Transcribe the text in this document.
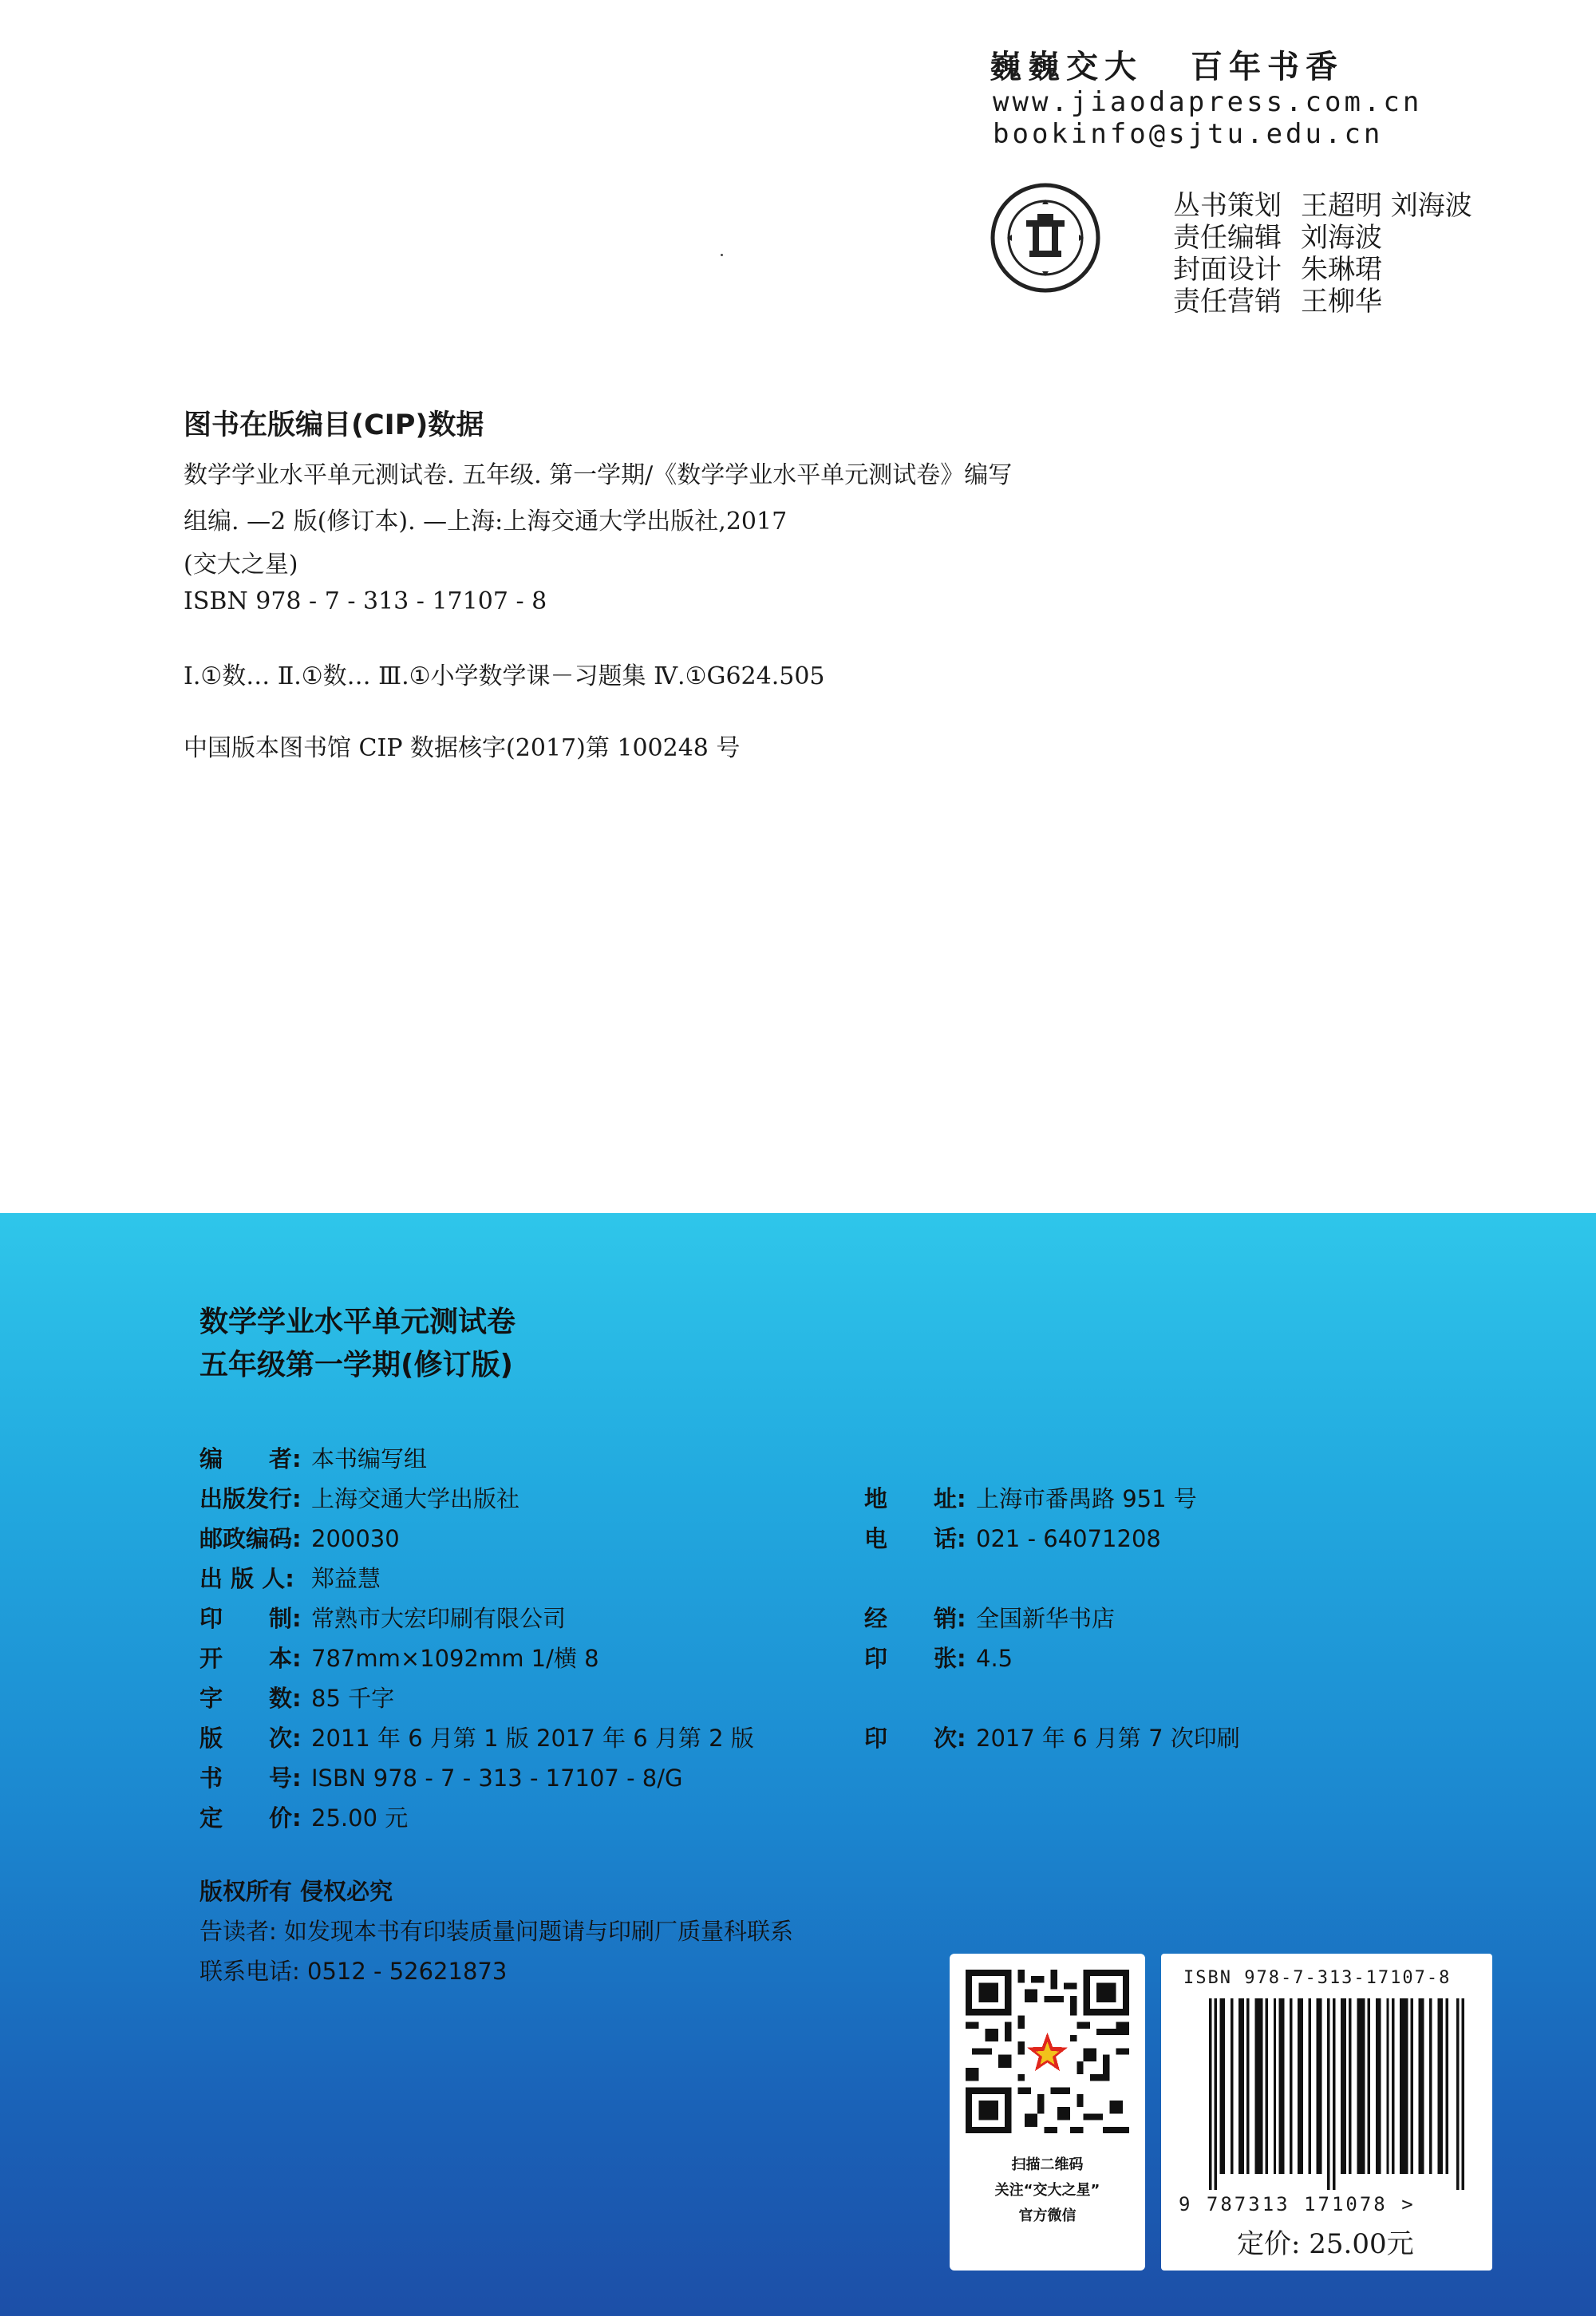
巍巍交大 百年书香
www.jiaodapress.com.cn
bookinfo@sjtu.edu.cn
丛书策划 王超明 刘海波
责任编辑 刘海波
封面设计 朱琳珺
责任营销 王柳华
图书在版编目(CIP)数据
数学学业水平单元测试卷. 五年级. 第一学期/《数学学业水平单元测试卷》编写
组编. —2 版(修订本). —上海:上海交通大学出版社,2017
(交大之星)
ISBN 978 - 7 - 313 - 17107 - 8
Ⅰ.①数… Ⅱ.①数… Ⅲ.①小学数学课－习题集 Ⅳ.①G624.505
中国版本图书馆 CIP 数据核字(2017)第 100248 号
数学学业水平单元测试卷
五年级第一学期(修订版)
编　　者: 本书编写组
出版发行: 上海交通大学出版社
邮政编码: 200030
出 版 人: 郑益慧
印　　制: 常熟市大宏印刷有限公司
开　　本: 787mm×1092mm 1/横 8
字　　数: 85 千字
版　　次: 2011 年 6 月第 1 版 2017 年 6 月第 2 版
书　　号: ISBN 978 - 7 - 313 - 17107 - 8/G
定　　价: 25.00 元
地　　址: 上海市番禺路 951 号
电　　话: 021 - 64071208
经　　销: 全国新华书店
印　　张: 4.5
印　　次: 2017 年 6 月第 7 次印刷
版权所有 侵权必究
告读者: 如发现本书有印装质量问题请与印刷厂质量科联系
联系电话: 0512 - 52621873
扫描二维码
关注“交大之星”
官方微信
ISBN 978-7-313-17107-8
9 787313 171078 >
定价: 25.00元
